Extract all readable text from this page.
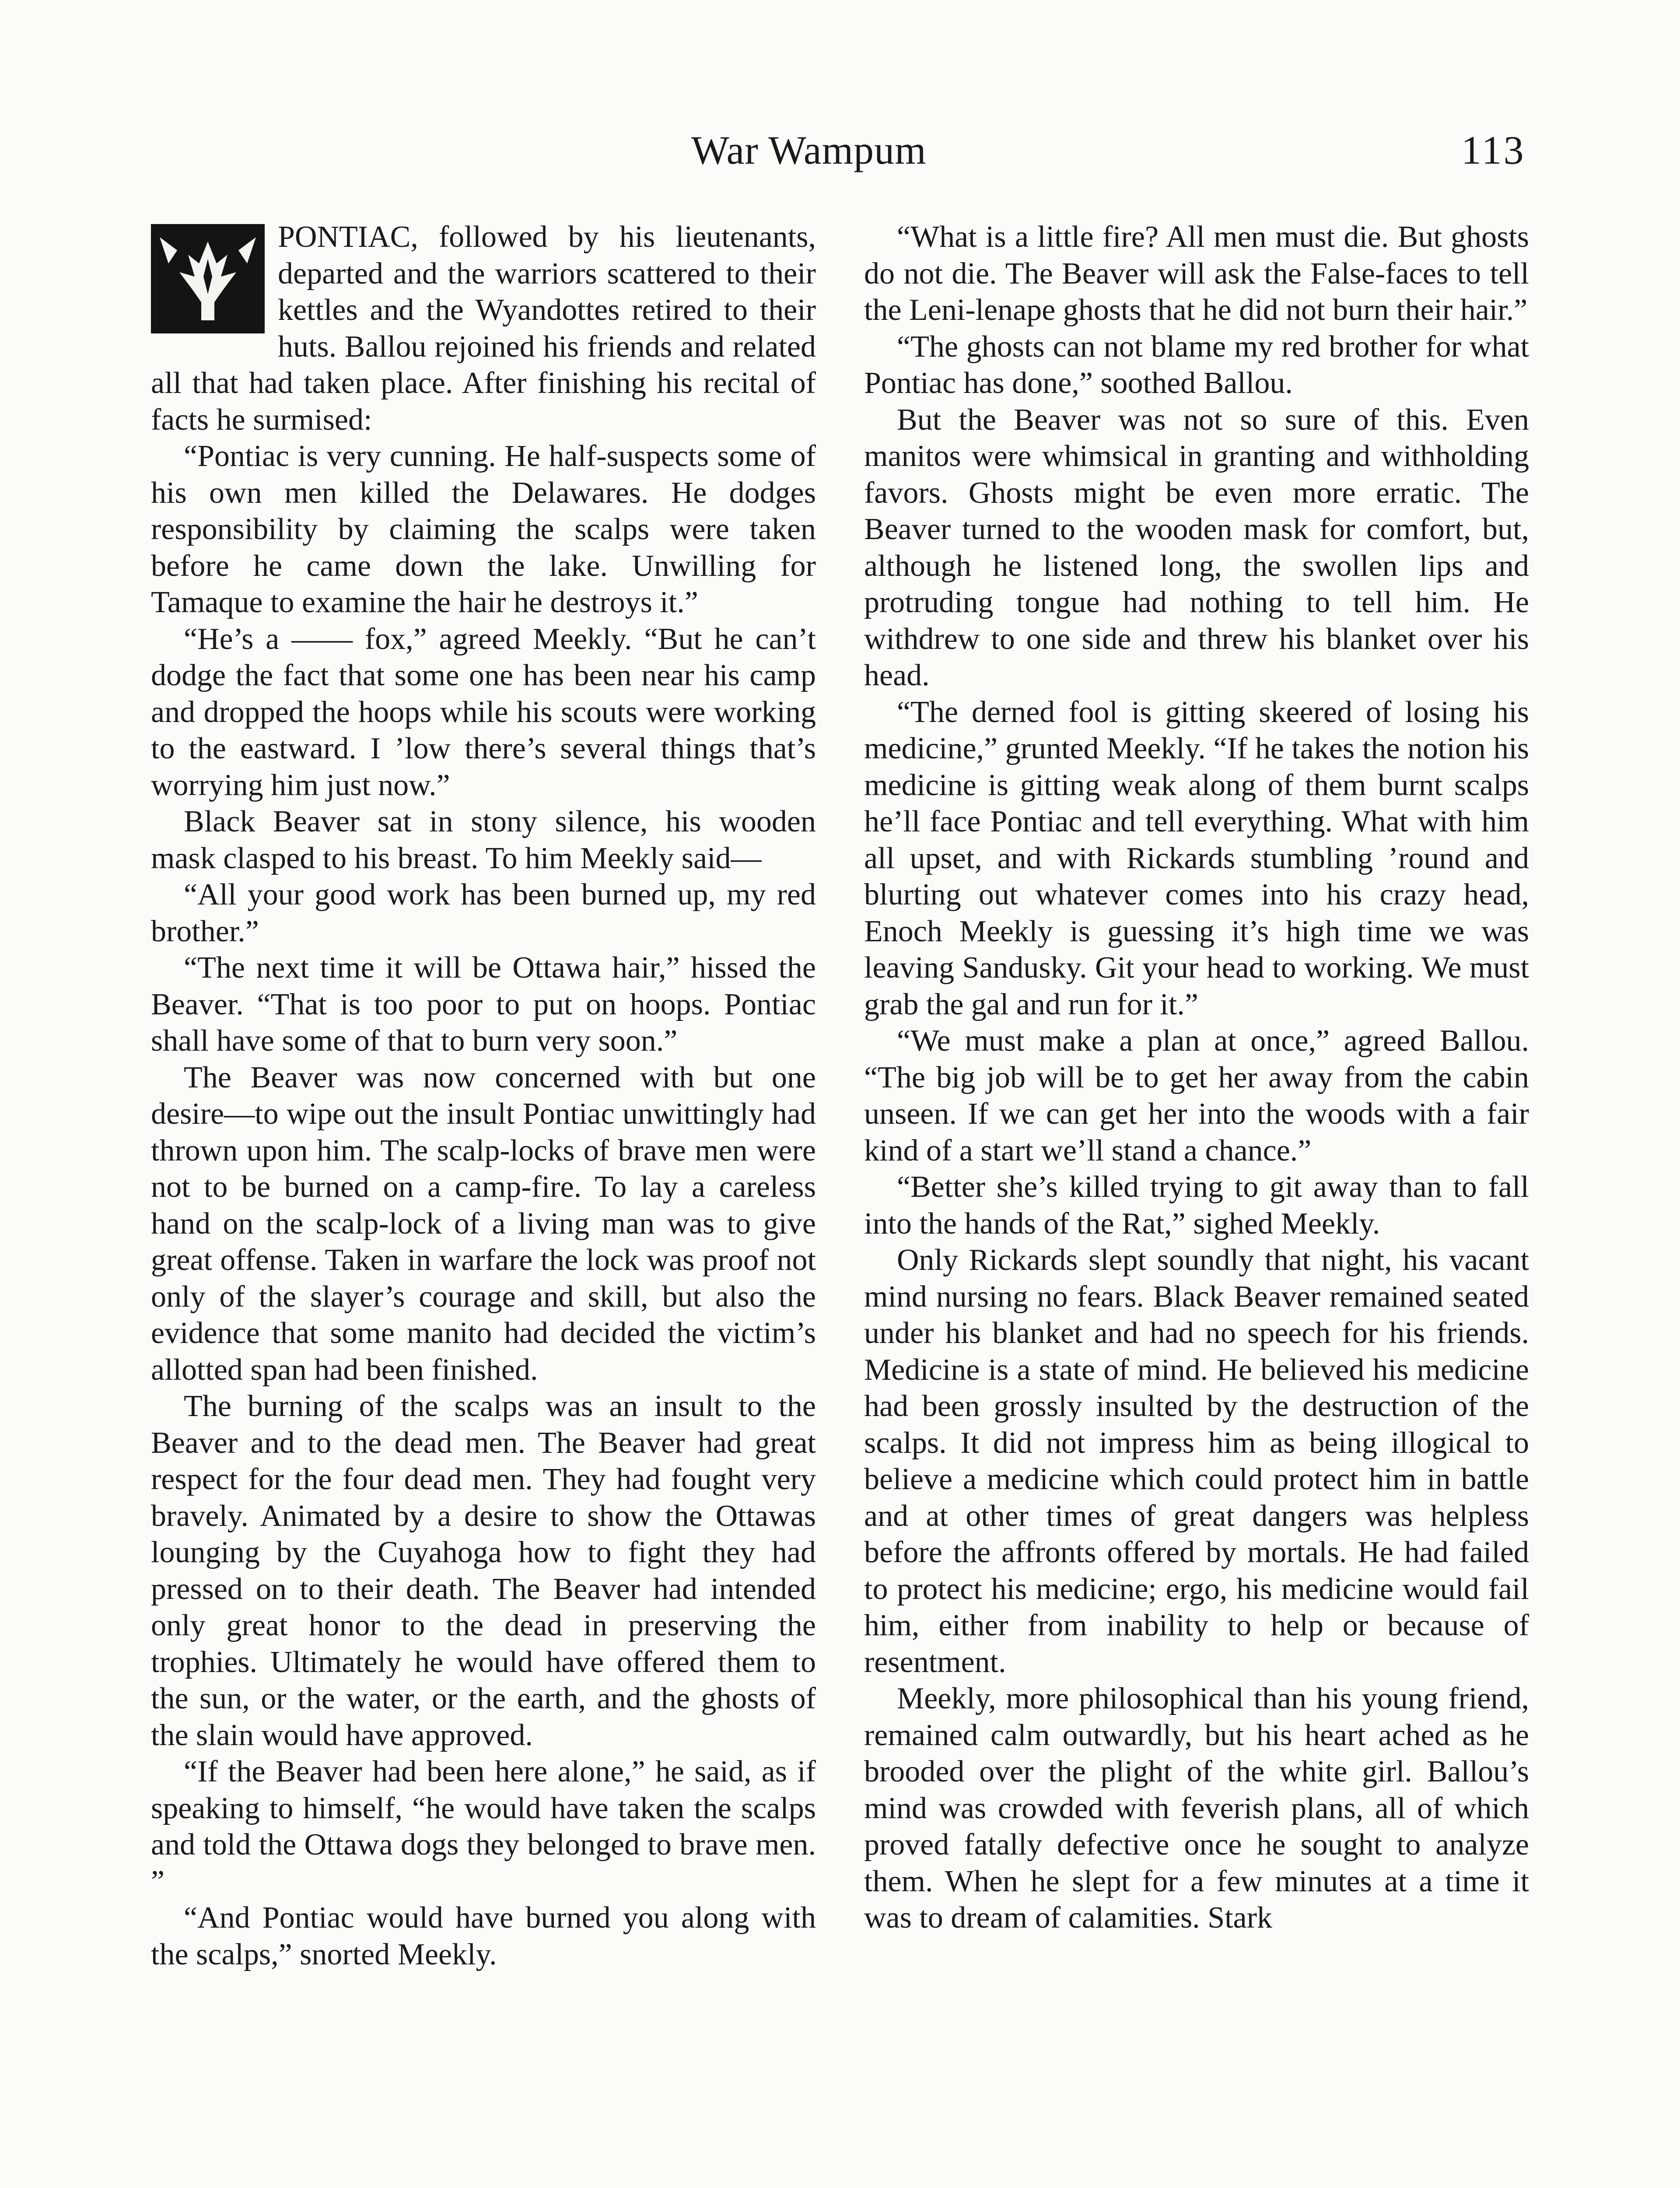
War Wampum	113

PONTIAC, followed by his lieutenants, departed and the warriors scattered to their kettles and the Wyandottes retired to their huts. Ballou rejoined his friends and related all that had taken place. After finishing his recital of facts he surmised:

“Pontiac is very cunning. He half-suspects some of his own men killed the Delawares. He dodges responsibility by claiming the scalps were taken before he came down the lake. Unwilling for Tamaque to examine the hair he destroys it.”

“He’s a —— fox,” agreed Meekly. “But he can’t dodge the fact that some one has been near his camp and dropped the hoops while his scouts were working to the eastward. I ’low there’s several things that’s worrying him just now.”

Black Beaver sat in stony silence, his wooden mask clasped to his breast. To him Meekly said—

“All your good work has been burned up, my red brother.”

“The next time it will be Ottawa hair,” hissed the Beaver. “That is too poor to put on hoops. Pontiac shall have some of that to burn very soon.”

The Beaver was now concerned with but one desire—to wipe out the insult Pontiac unwittingly had thrown upon him. The scalp-locks of brave men were not to be burned on a camp-fire. To lay a careless hand on the scalp-lock of a living man was to give great offense. Taken in warfare the lock was proof not only of the slayer’s courage and skill, but also the evidence that some manito had decided the victim’s allotted span had been finished.

The burning of the scalps was an insult to the Beaver and to the dead men. The Beaver had great respect for the four dead men. They had fought very bravely. Animated by a desire to show the Ottawas lounging by the Cuyahoga how to fight they had pressed on to their death. The Beaver had intended only great honor to the dead in preserving the trophies. Ultimately he would have offered them to the sun, or the water, or the earth, and the ghosts of the slain would have approved.

“If the Beaver had been here alone,” he said, as if speaking to himself, “he would have taken the scalps and told the Ottawa dogs they belonged to brave men. ”

“And Pontiac would have burned you along with the scalps,” snorted Meekly.

“What is a little fire? All men must die. But ghosts do not die. The Beaver will ask the False-faces to tell the Leni-lenape ghosts that he did not burn their hair.”

“The ghosts can not blame my red brother for what Pontiac has done,” soothed Ballou.

But the Beaver was not so sure of this. Even manitos were whimsical in granting and withholding favors. Ghosts might be even more erratic. The Beaver turned to the wooden mask for comfort, but, although he listened long, the swollen lips and protruding tongue had nothing to tell him. He withdrew to one side and threw his blanket over his head.

“The derned fool is gitting skeered of losing his medicine,” grunted Meekly. “If he takes the notion his medicine is gitting weak along of them burnt scalps he’ll face Pontiac and tell everything. What with him all upset, and with Rickards stumbling ’round and blurting out whatever comes into his crazy head, Enoch Meekly is guessing it’s high time we was leaving Sandusky. Git your head to working. We must grab the gal and run for it.”

“We must make a plan at once,” agreed Ballou. “The big job will be to get her away from the cabin unseen. If we can get her into the woods with a fair kind of a start we’ll stand a chance.”

“Better she’s killed trying to git away than to fall into the hands of the Rat,” sighed Meekly.

Only Rickards slept soundly that night, his vacant mind nursing no fears. Black Beaver remained seated under his blanket and had no speech for his friends. Medicine is a state of mind. He believed his medicine had been grossly insulted by the destruction of the scalps. It did not impress him as being illogical to believe a medicine which could protect him in battle and at other times of great dangers was helpless before the affronts offered by mortals. He had failed to protect his medicine; ergo, his medicine would fail him, either from inability to help or because of resentment.

Meekly, more philosophical than his young friend, remained calm outwardly, but his heart ached as he brooded over the plight of the white girl. Ballou’s mind was crowded with feverish plans, all of which proved fatally defective once he sought to analyze them. When he slept for a few minutes at a time it was to dream of calamities. Stark
